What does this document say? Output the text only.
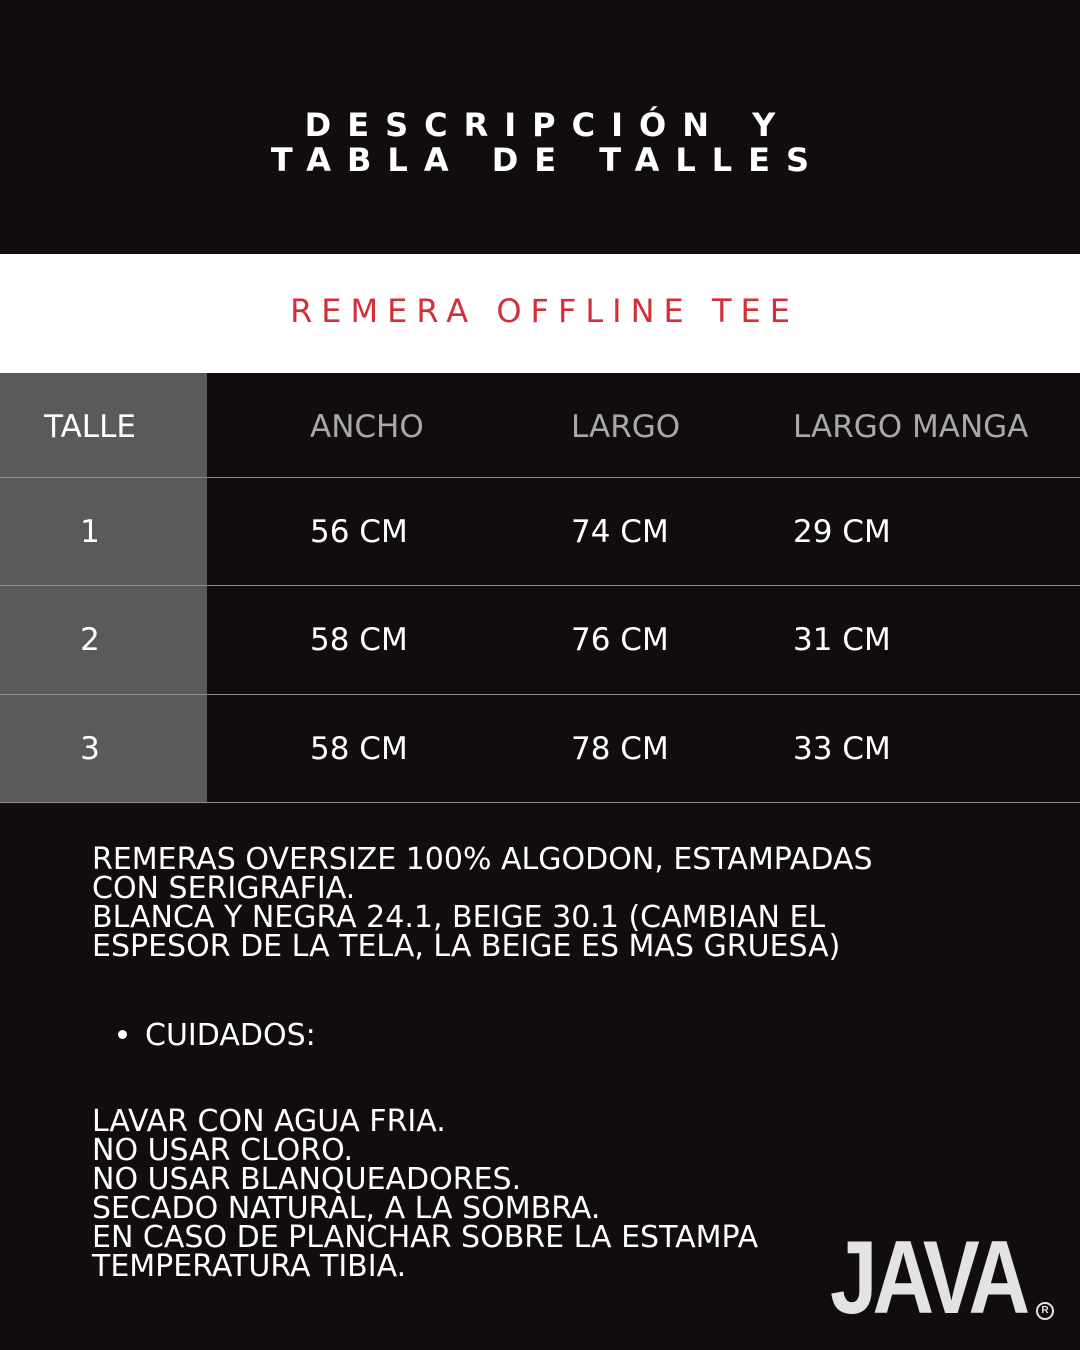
DESCRIPCIÓN Y
TABLA DE TALLES
REMERA OFFLINE TEE
TALLE	ANCHO	LARGO	LARGO MANGA
1	56 CM	74 CM	29 CM
2	58 CM	76 CM	31 CM
3	58 CM	78 CM	33 CM
REMERAS OVERSIZE 100% ALGODON, ESTAMPADAS
CON SERIGRAFIA.
BLANCA Y NEGRA 24.1, BEIGE 30.1 (CAMBIAN EL
ESPESOR DE LA TELA, LA BEIGE ES MAS GRUESA)
CUIDADOS:
LAVAR CON AGUA FRIA.
NO USAR CLORO.
NO USAR BLANQUEADORES.
SECADO NATURAL, A LA SOMBRA.
EN CASO DE PLANCHAR SOBRE LA ESTAMPA
TEMPERATURA TIBIA.	JAVA	R
